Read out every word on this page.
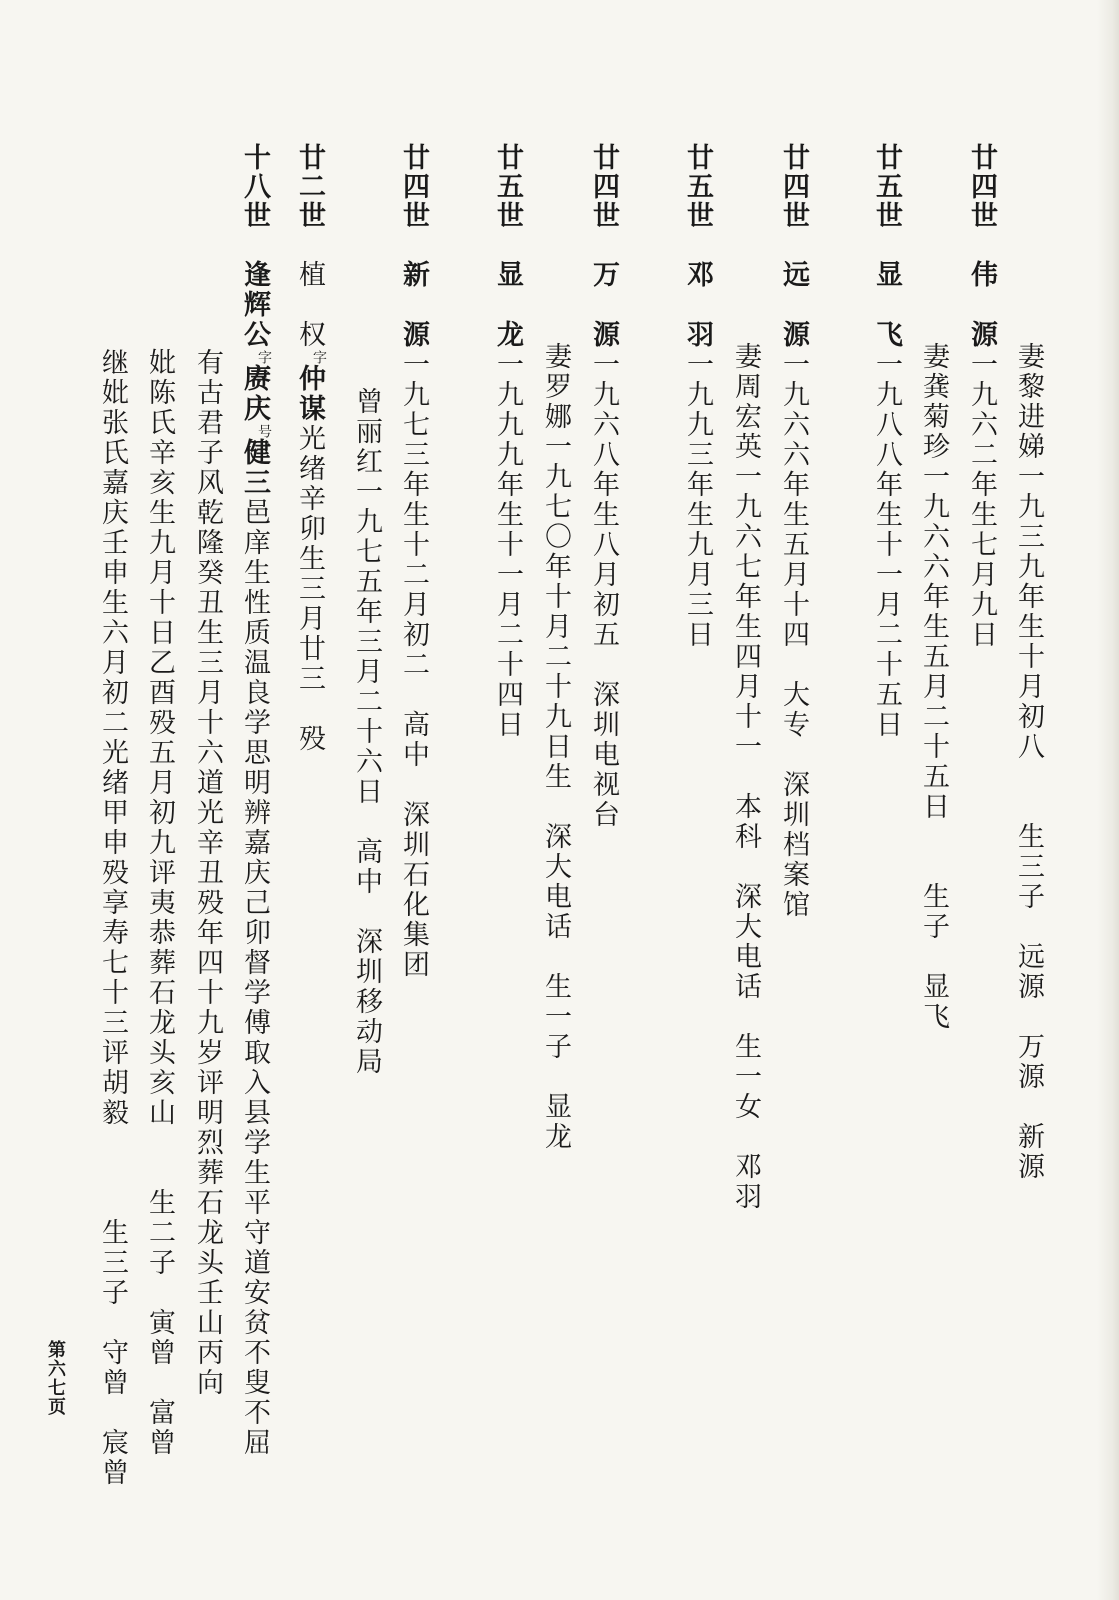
妻黎进娣一九三九年生十月初八　　生三子　远源　万源　新源
廿四世　伟　源一九六二年生七月九日
妻龚菊珍一九六六年生五月二十五日　　生子　显飞
廿五世　显　飞一九八八年生十一月二十五日
廿四世　远　源一九六六年生五月十四　大专　深圳档案馆
妻周宏英一九六七年生四月十一　本科　深大电话　生一女　邓羽
廿五世　邓　羽一九九三年生九月三日
廿四世　万　源一九六八年生八月初五　深圳电视台
妻罗娜一九七〇年十月二十九日生　深大电话　生一子　显龙
廿五世　显　龙一九九九年生十一月二十四日
廿四世　新　源一九七三年生十二月初二　高中　深圳石化集团
曾丽红一九七五年三月二十六日　高中　深圳移动局
廿二世　植　权$^字$仲谋光绪辛卯生三月廿三　殁
十八世　逢辉公$^字$赓庆$^号$健三邑庠生性质温良学思明辨嘉庆己卯督学傅取入县学生平守道安贫不叟不屈
有古君子风乾隆癸丑生三月十六道光辛丑殁年四十九岁评明烈葬石龙头壬山丙向
妣陈氏辛亥生九月十日乙酉殁五月初九评夷恭葬石龙头亥山　　生二子　寅曾　富曾
继妣张氏嘉庆壬申生六月初二光绪甲申殁享寿七十三评胡毅　　　生三子　守曾　宸曾
第六七页
